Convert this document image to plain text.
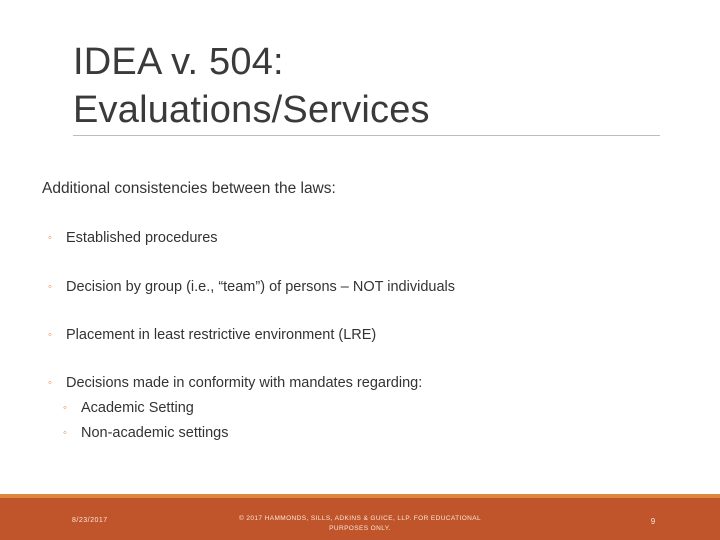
IDEA v. 504:
Evaluations/Services
Additional consistencies between the laws:
◦ Established procedures
◦ Decision by group (i.e., “team”) of persons – NOT individuals
◦ Placement in least restrictive environment (LRE)
◦ Decisions made in conformity with mandates regarding:
◦ Academic Setting
◦ Non-academic settings
8/23/2017	© 2017 HAMMONDS, SILLS, ADKINS & GUICE, LLP. FOR EDUCATIONAL PURPOSES ONLY.
9
